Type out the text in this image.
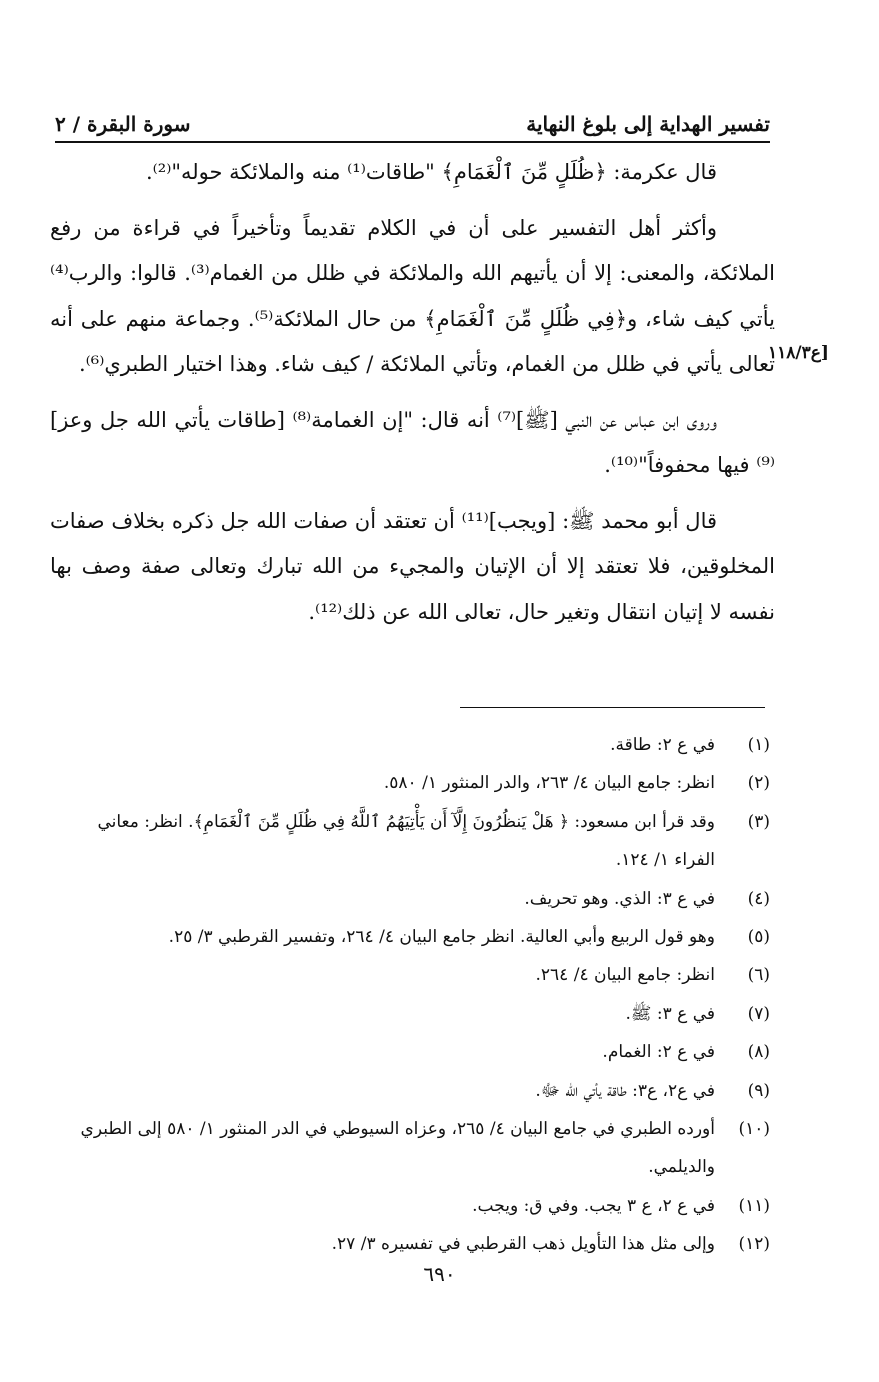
تفسير الهداية إلى بلوغ النهاية
سورة البقرة / ٢

قال عكرمة: ﴿ظُلَلٍ مِّنَ ٱلْغَمَامِ﴾ "طاقات⁽¹⁾ منه والملائكة حوله"⁽²⁾.

وأكثر أهل التفسير على أن في الكلام تقديماً وتأخيراً في قراءة من رفع الملائكة، والمعنى: إلا أن يأتيهم الله والملائكة في ظلل من الغمام⁽³⁾. قالوا: والرب⁽⁴⁾ يأتي كيف شاء، و﴿فِي ظُلَلٍ مِّنَ ٱلْغَمَامِ﴾ من حال الملائكة⁽⁵⁾. وجماعة منهم على أنه تعالى يأتي في ظلل من الغمام، وتأتي الملائكة / كيف شاء. وهذا اختيار الطبري⁽⁶⁾.

وروى ابن عباس عن النبي [ﷺ]⁽⁷⁾ أنه قال: "إن الغمامة⁽⁸⁾ [طاقات يأتي الله جل وعز]⁽⁹⁾ فيها محفوفاً"⁽¹⁰⁾.

قال أبو محمد ﷺ: [ويجب]⁽¹¹⁾ أن تعتقد أن صفات الله جل ذكره بخلاف صفات المخلوقين، فلا تعتقد إلا أن الإتيان والمجيء من الله تبارك وتعالى صفة وصف بها نفسه لا إتيان انتقال وتغير حال، تعالى الله عن ذلك⁽¹²⁾.

[ع١١٨/٣
(١)
في ع ٢: طاقة.
(٢)
انظر: جامع البيان ٤/ ٢٦٣، والدر المنثور ١/ ٥٨٠.
(٣)
وقد قرأ ابن مسعود: ﴿ هَلْ يَنظُرُونَ إِلَّآ أَن يَأْتِيَهُمُ ٱللَّهُ فِي ظُلَلٍ مِّنَ ٱلْغَمَامِ﴾. انظر: معاني الفراء ١/ ١٢٤.
(٤)
في ع ٣: الذي. وهو تحريف.
(٥)
وهو قول الربيع وأبي العالية. انظر جامع البيان ٤/ ٢٦٤، وتفسير القرطبي ٣/ ٢٥.
(٦)
انظر: جامع البيان ٤/ ٢٦٤.
(٧)
في ع ٣: ﷺ.
(٨)
في ع ٢: الغمام.
(٩)
في ع٢، ع٣: طاقة يأتي الله ﷻ.
(١٠)
أورده الطبري في جامع البيان ٤/ ٢٦٥، وعزاه السيوطي في الدر المنثور ١/ ٥٨٠ إلى الطبري والديلمي.
(١١)
في ع ٢، ع ٣ يجب. وفي ق: ويجب.
(١٢)
وإلى مثل هذا التأويل ذهب القرطبي في تفسيره ٣/ ٢٧.
٦٩٠
